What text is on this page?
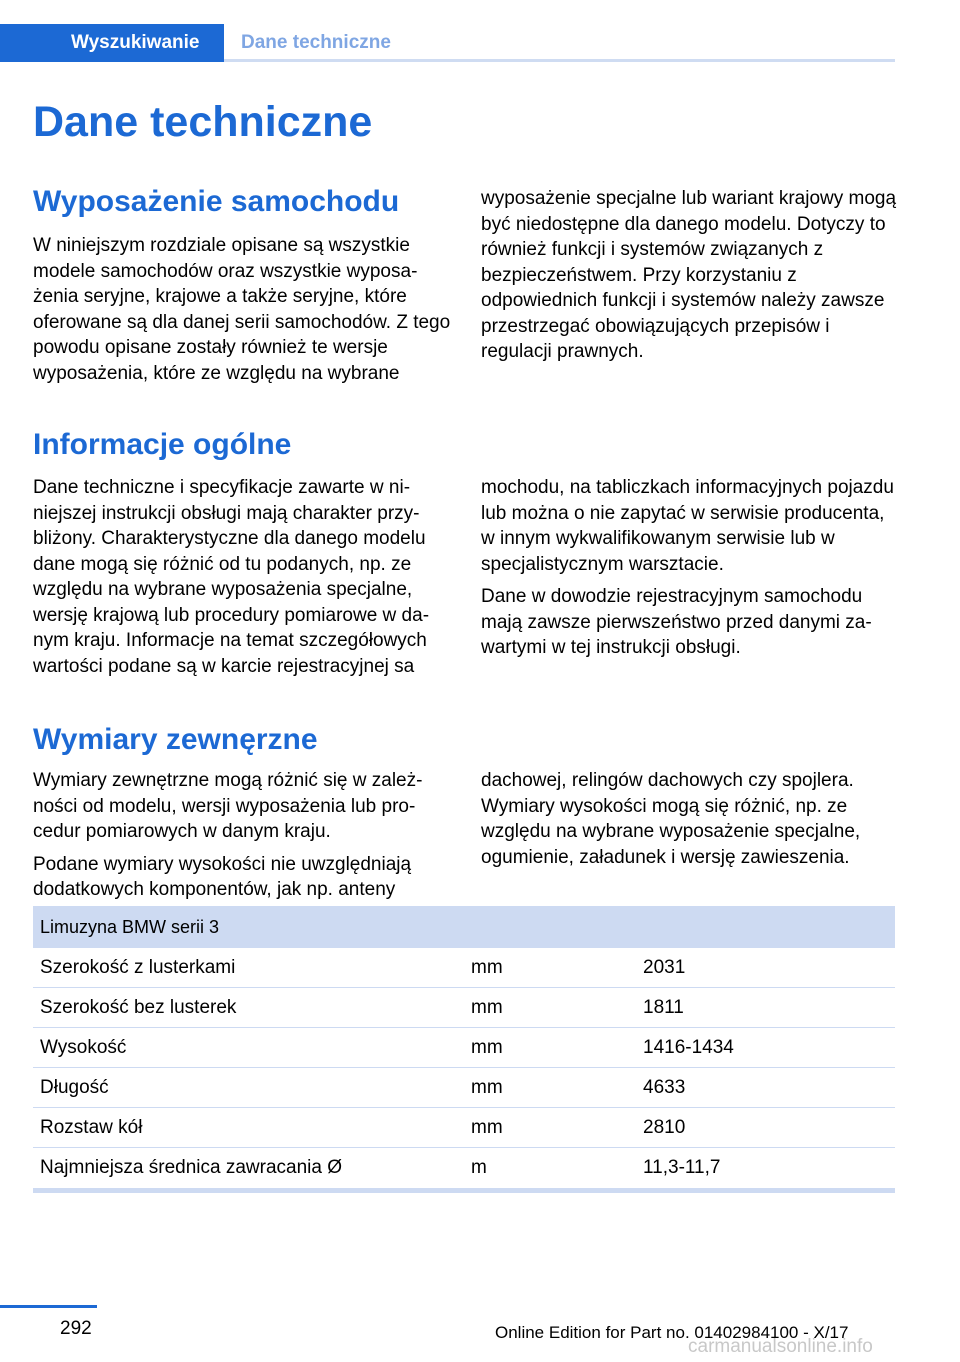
Wyszukiwanie	Dane techniczne
Dane techniczne
Wyposażenie samochodu

W niniejszym rozdziale opisane są wszystkie modele samochodów oraz wszystkie wyposażenia seryjne, krajowe a także seryjne, które oferowane są dla danej serii samochodów. Z tego powodu opisane zostały również te wersje wyposażenia, które ze względu na wybrane

wyposażenie specjalne lub wariant krajowy mogą być niedostępne dla danego modelu. Dotyczy to również funkcji i systemów związanych z bezpieczeństwem. Przy korzystaniu z odpowiednich funkcji i systemów należy zawsze przestrzegać obowiązujących przepisów i regulacji prawnych.

Informacje ogólne

Dane techniczne i specyfikacje zawarte w niniejszej instrukcji obsługi mają charakter przybliżony. Charakterystyczne dla danego modelu dane mogą się różnić od tu podanych, np. ze względu na wybrane wyposażenia specjalne, wersję krajową lub procedury pomiarowe w danym kraju. Informacje na temat szczegółowych wartości podane są w karcie rejestracyjnej sa

mochodu, na tabliczkach informacyjnych pojazdu lub można o nie zapytać w serwisie producenta, w innym wykwalifikowanym serwisie lub w specjalistycznym warsztacie.

Dane w dowodzie rejestracyjnym samochodu mają zawsze pierwszeństwo przed danymi zawartymi w tej instrukcji obsługi.

Wymiary zewnęrzne

Wymiary zewnętrzne mogą różnić się w zależności od modelu, wersji wyposażenia lub procedur pomiarowych w danym kraju.

Podane wymiary wysokości nie uwzględniają dodatkowych komponentów, jak np. anteny

dachowej, relingów dachowych czy spojlera. Wymiary wysokości mogą się różnić, np. ze względu na wybrane wyposażenie specjalne, ogumienie, załadunek i wersję zawieszenia.

Limuzyna BMW serii 3
Szerokość z lusterkami	mm	2031
Szerokość bez lusterek	mm	1811
Wysokość	mm	1416-1434
Długość	mm	4633
Rozstaw kół	mm	2810
Najmniejsza średnica zawracania Ø	m	11,3-11,7
292	Online Edition for Part no. 01402984100 - X/17
carmanualsonline.info
